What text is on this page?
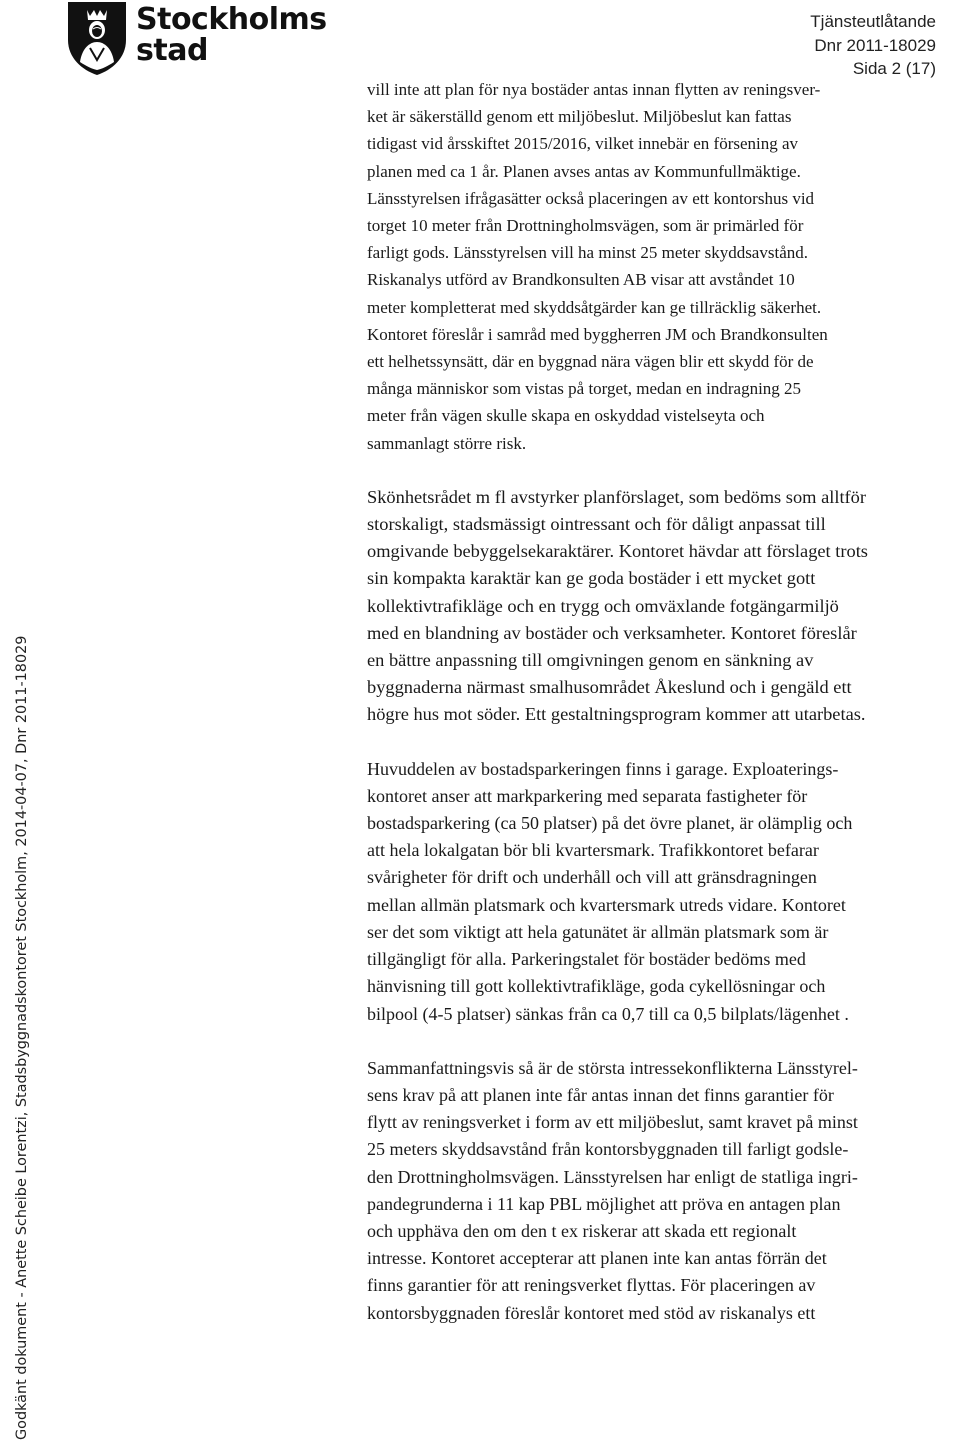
Stockholms
stad
Tjänsteutlåtande
Dnr 2011-18029
Sida 2 (17)
Godkänt dokument - Anette Scheibe Lorentzi, Stadsbyggnadskontoret Stockholm, 2014-04-07, Dnr 2011-18029

vill inte att plan för nya bostäder antas innan flytten av reningsver-
ket är säkerställd genom ett miljöbeslut. Miljöbeslut kan fattas
tidigast vid årsskiftet 2015/2016, vilket innebär en försening av
planen med ca 1 år. Planen avses antas av Kommunfullmäktige.
Länsstyrelsen ifrågasätter också placeringen av ett kontorshus vid
torget 10 meter från Drottningholmsvägen, som är primärled för
farligt gods. Länsstyrelsen vill ha minst 25 meter skyddsavstånd.
Riskanalys utförd av Brandkonsulten AB visar att avståndet 10
meter kompletterat med skyddsåtgärder kan ge tillräcklig säkerhet.
Kontoret föreslår i samråd med byggherren JM och Brandkonsulten
ett helhetssynsätt, där en byggnad nära vägen blir ett skydd för de
många människor som vistas på torget, medan en indragning 25
meter från vägen skulle skapa en oskyddad vistelseyta och
sammanlagt större risk.

Skönhetsrådet m fl avstyrker planförslaget, som bedöms som alltför
storskaligt, stadsmässigt ointressant och för dåligt anpassat till
omgivande bebyggelsekaraktärer. Kontoret hävdar att förslaget trots
sin kompakta karaktär kan ge goda bostäder i ett mycket gott
kollektivtrafikläge och en trygg och omväxlande fotgängarmiljö
med en blandning av bostäder och verksamheter. Kontoret föreslår
en bättre anpassning till omgivningen genom en sänkning av
byggnaderna närmast smalhusområdet Åkeslund och i gengäld ett
högre hus mot söder. Ett gestaltningsprogram kommer att utarbetas.

Huvuddelen av bostadsparkeringen finns i garage. Exploaterings-
kontoret anser att markparkering med separata fastigheter för
bostadsparkering (ca 50 platser) på det övre planet, är olämplig och
att hela lokalgatan bör bli kvartersmark. Trafikkontoret befarar
svårigheter för drift och underhåll och vill att gränsdragningen
mellan allmän platsmark och kvartersmark utreds vidare. Kontoret
ser det som viktigt att hela gatunätet är allmän platsmark som är
tillgängligt för alla. Parkeringstalet för bostäder bedöms med
hänvisning till gott kollektivtrafikläge, goda cykellösningar och
bilpool (4-5 platser) sänkas från ca 0,7 till ca 0,5 bilplats/lägenhet .

Sammanfattningsvis så är de största intressekonflikterna Länsstyrel-
sens krav på att planen inte får antas innan det finns garantier för
flytt av reningsverket i form av ett miljöbeslut, samt kravet på minst
25 meters skyddsavstånd från kontorsbyggnaden till farligt godsle-
den Drottningholmsvägen. Länsstyrelsen har enligt de statliga ingri-
pandegrunderna i 11 kap PBL möjlighet att pröva en antagen plan
och upphäva den om den t ex riskerar att skada ett regionalt
intresse. Kontoret accepterar att planen inte kan antas förrän det
finns garantier för att reningsverket flyttas. För placeringen av
kontorsbyggnaden föreslår kontoret med stöd av riskanalys ett
